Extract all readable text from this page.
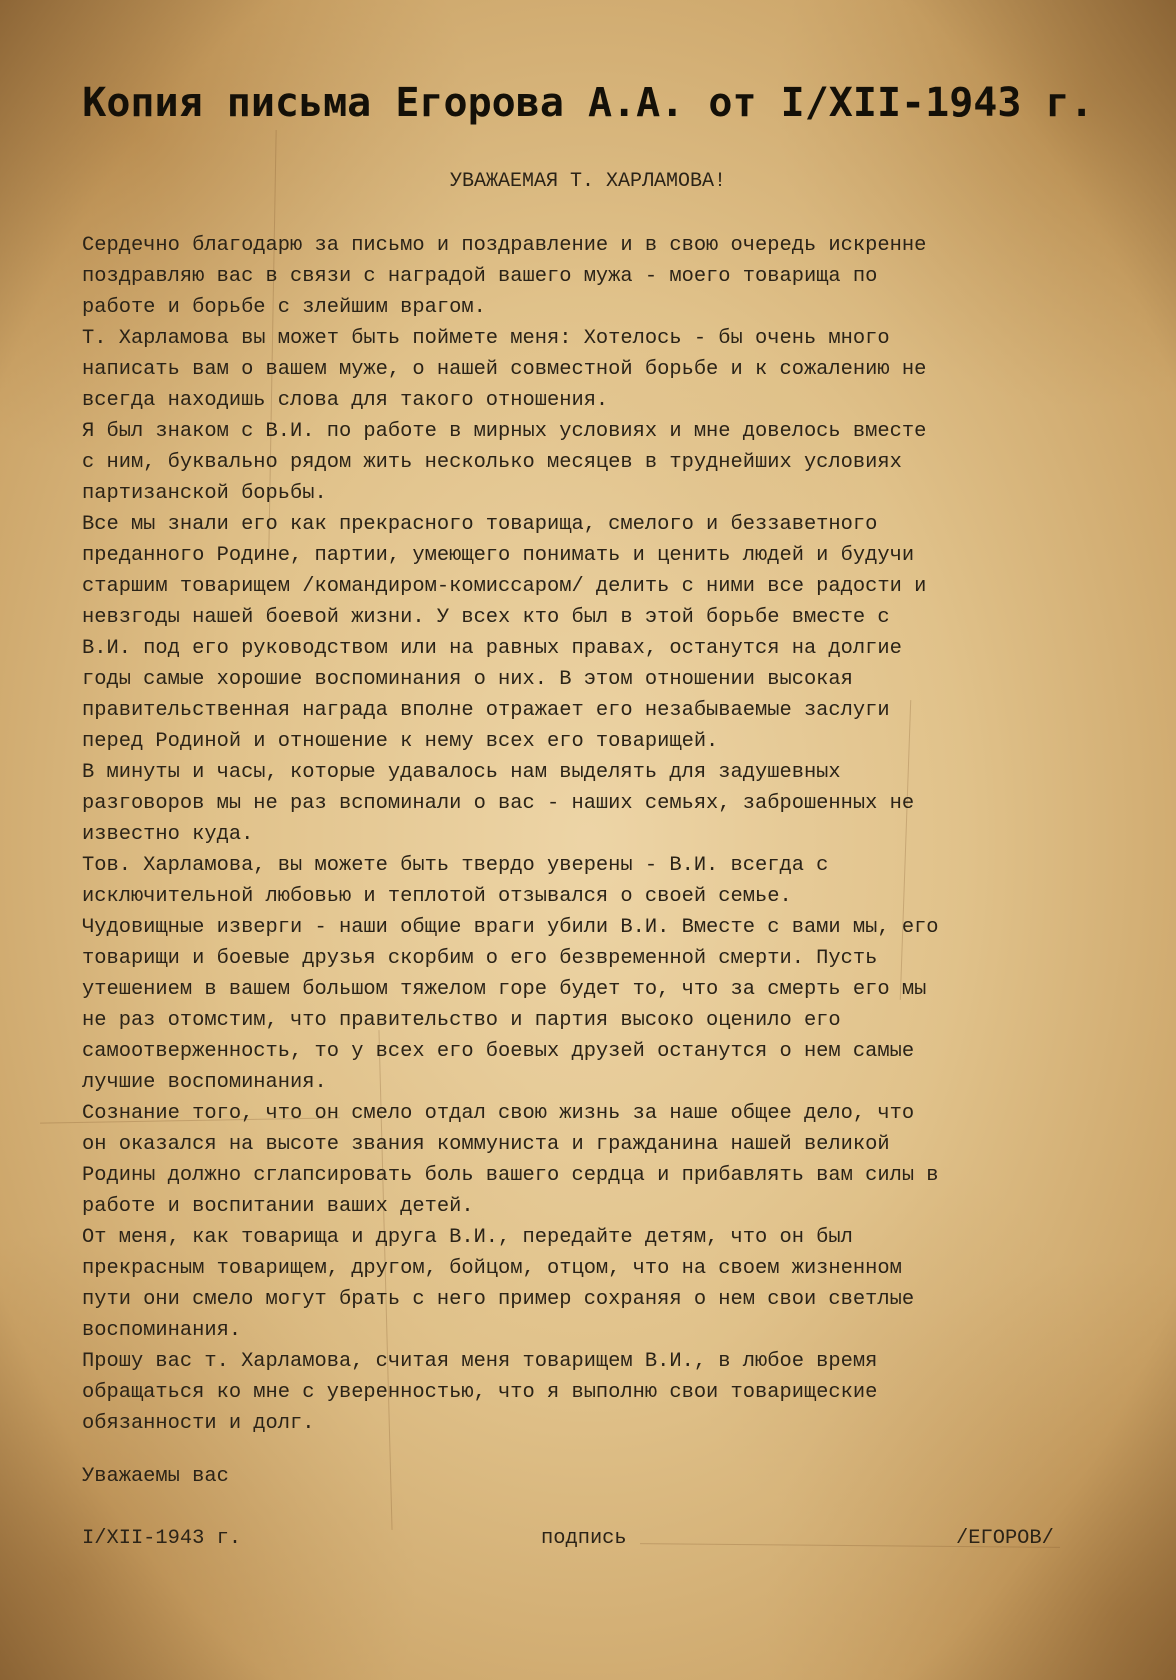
Копия письма Егорова А.А. от I/XII-1943 г.
УВАЖАЕМАЯ Т. ХАРЛАМОВА!
Сердечно благодарю за письмо и поздравление и в свою очередь искренне
поздравляю вас в связи с наградой вашего мужа - моего товарища по
работе и борьбе с злейшим врагом.
Т. Харламова вы может быть поймете меня: Хотелось - бы очень много
написать вам о вашем муже, о нашей совместной борьбе и к сожалению не
всегда находишь слова для такого отношения.
Я был знаком с В.И. по работе в мирных условиях и мне довелось вместе
с ним, буквально рядом жить несколько месяцев в труднейших условиях
партизанской борьбы.
Все мы знали его как прекрасного товарища, смелого и беззаветного
преданного Родине, партии, умеющего понимать и ценить людей и будучи
старшим товарищем /командиром-комиссаром/ делить с ними все радости и
невзгоды нашей боевой жизни. У всех кто был в этой борьбе вместе с
В.И. под его руководством или на равных правах, останутся на долгие
годы самые хорошие воспоминания о них. В этом отношении высокая
правительственная награда вполне отражает его незабываемые заслуги
перед Родиной и отношение к нему всех его товарищей.
В минуты и часы, которые удавалось нам выделять для задушевных
разговоров мы не раз вспоминали о вас - наших семьях, заброшенных не
известно куда.
Тов. Харламова, вы можете быть твердо уверены - В.И. всегда с
исключительной любовью и теплотой отзывался о своей семье.
Чудовищные изверги - наши общие враги убили В.И. Вместе с вами мы, его
товарищи и боевые друзья скорбим о его безвременной смерти. Пусть
утешением в вашем большом тяжелом горе будет то, что за смерть его мы
не раз отомстим, что правительство и партия высоко оценило его
самоотверженность, то у всех его боевых друзей останутся о нем самые
лучшие воспоминания.
Сознание того, что он смело отдал свою жизнь за наше общее дело, что
он оказался на высоте звания коммуниста и гражданина нашей великой
Родины должно сглапсировать боль вашего сердца и прибавлять вам силы в
работе и воспитании ваших детей.
От меня, как товарища и друга В.И., передайте детям, что он был
прекрасным товарищем, другом, бойцом, отцом, что на своем жизненном
пути они смело могут брать с него пример сохраняя о нем свои светлые
воспоминания.
Прошу вас т. Харламова, считая меня товарищем В.И., в любое время
обращаться ко мне с уверенностью, что я выполню свои товарищеские
обязанности и долг.
Уважаемы вас
I/XII-1943 г.	подпись	/ЕГОРОВ/
